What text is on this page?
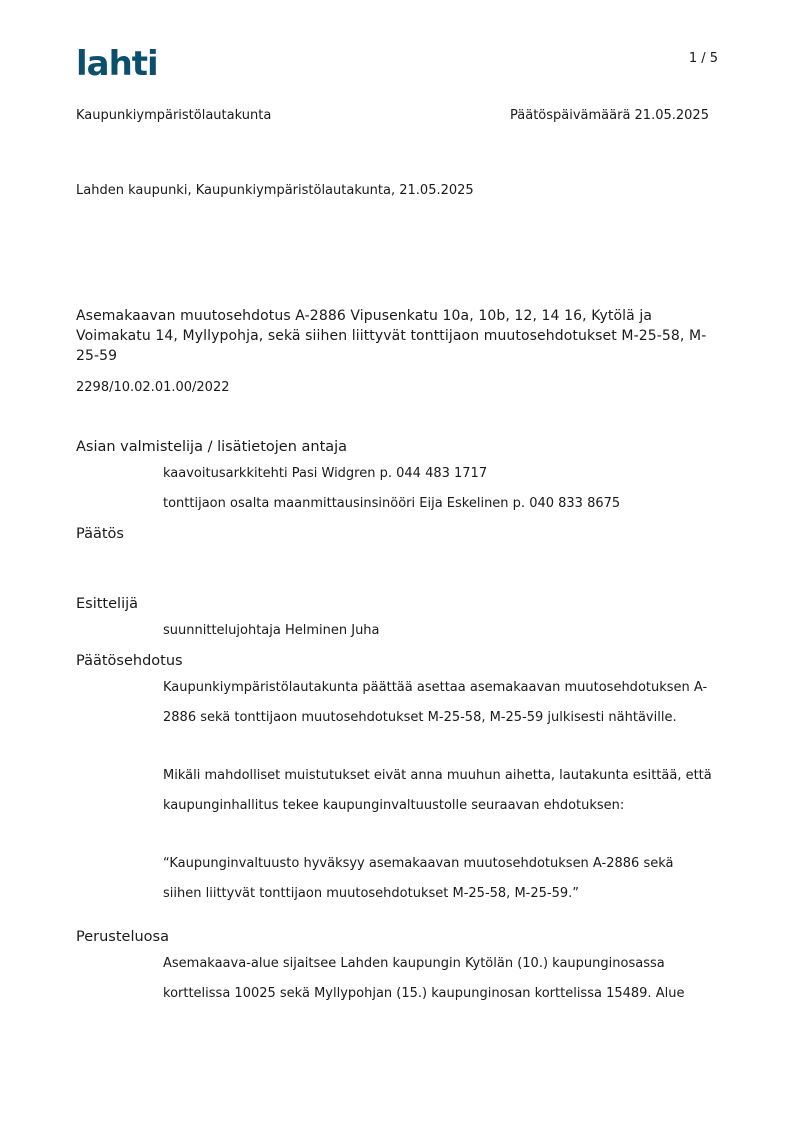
lahti	1 / 5
Kaupunkiympäristölautakunta	Päätöspäivämäärä 21.05.2025
Lahden kaupunki, Kaupunkiympäristölautakunta, 21.05.2025
Asemakaavan muutosehdotus A-2886 Vipusenkatu 10a, 10b, 12, 14 16, Kytölä ja Voimakatu 14, Myllypohja, sekä siihen liittyvät tonttijaon muutosehdotukset M-25-58, M-25-59
2298/10.02.01.00/2022
Asian valmistelija / lisätietojen antaja
kaavoitusarkkitehti Pasi Widgren p. 044 483 1717
tonttijaon osalta maanmittausinsinööri Eija Eskelinen p. 040 833 8675
Päätös
Esittelijä
suunnittelujohtaja Helminen Juha
Päätösehdotus
Kaupunkiympäristölautakunta päättää asettaa asemakaavan muutosehdotuksen A-
2886 sekä tonttijaon muutosehdotukset M-25-58, M-25-59 julkisesti nähtäville.
Mikäli mahdolliset muistutukset eivät anna muuhun aihetta, lautakunta esittää, että
kaupunginhallitus tekee kaupunginvaltuustolle seuraavan ehdotuksen:
“Kaupunginvaltuusto hyväksyy asemakaavan muutosehdotuksen A-2886 sekä
siihen liittyvät tonttijaon muutosehdotukset M-25-58, M-25-59.”
Perusteluosa
Asemakaava-alue sijaitsee Lahden kaupungin Kytölän (10.) kaupunginosassa
korttelissa 10025 sekä Myllypohjan (15.) kaupunginosan korttelissa 15489. Alue
